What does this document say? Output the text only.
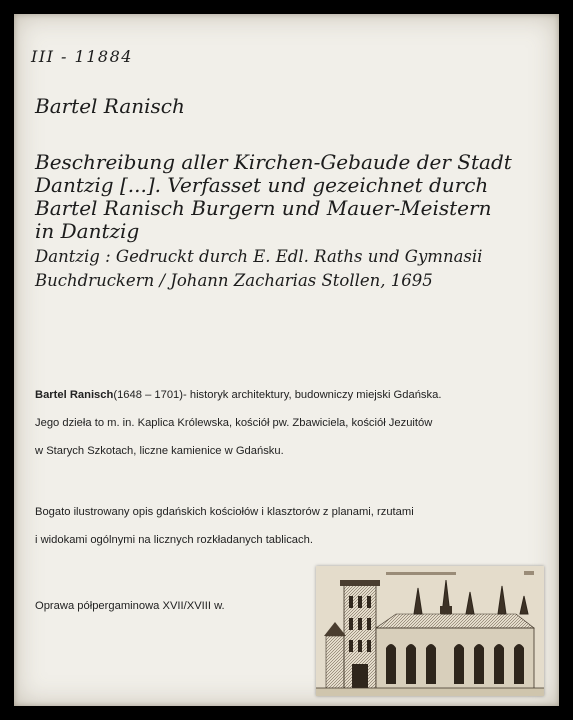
III - 11884
Bartel Ranisch
Beschreibung aller Kirchen-Gebaude der Stadt
Dantzig [...]. Verfasset und gezeichnet durch
Bartel Ranisch Burgern und Mauer-Meistern
in Dantzig
Dantzig : Gedruckt durch E. Edl. Raths und Gymnasii
Buchdruckern / Johann Zacharias Stollen, 1695
Bartel Ranisch(1648 – 1701)- historyk architektury, budowniczy miejski Gdańska.
Jego dzieła to m. in. Kaplica Królewska, kościół pw. Zbawiciela, kościół Jezuitów
w Starych Szkotach, liczne kamienice w Gdańsku.
Bogato ilustrowany opis gdańskich kościołów i klasztorów z planami, rzutami
i widokami ogólnymi na licznych rozkładanych tablicach.
Oprawa półpergaminowa XVII/XVIII w.
